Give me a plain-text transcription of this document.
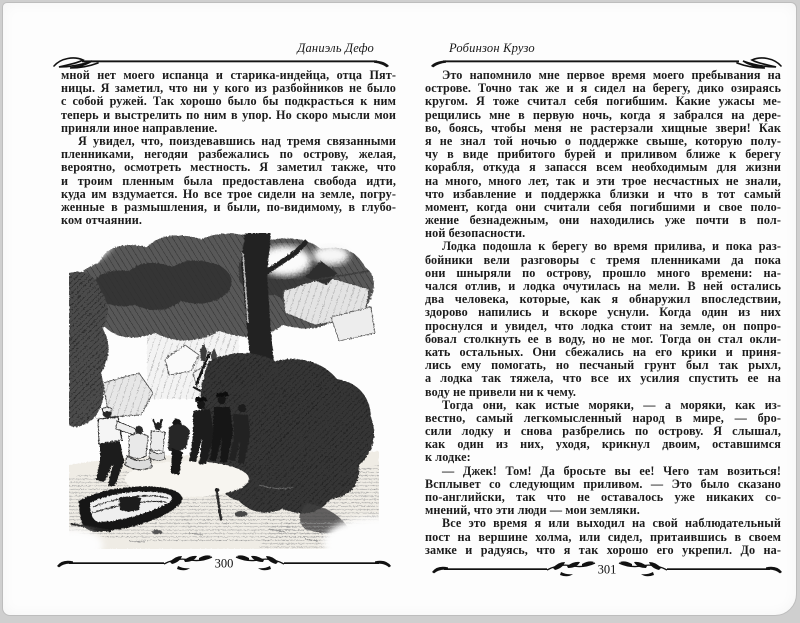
Даниэль Дефо
мной нет моего испанца и старика-индейца, отца Пят-
ницы. Я заметил, что ни у кого из разбойников не было
с собой ружей. Так хорошо было бы подкрасться к ним
теперь и выстрелить по ним в упор. Но скоро мысли мои
приняли иное направление.
Я увидел, что, поиздевавшись над тремя связанными
пленниками, негодяи разбежались по острову, желая,
вероятно, осмотреть местность. Я заметил также, что
и троим пленным была предоставлена свобода идти,
куда им вздумается. Но все трое сидели на земле, погру-
женные в размышления, и были, по-видимому, в глубо-
ком отчаянии.
300
Робинзон Крузо
Это напомнило мне первое время моего пребывания на
острове. Точно так же и я сидел на берегу, дико озираясь
кругом. Я тоже считал себя погибшим. Какие ужасы ме-
рещились мне в первую ночь, когда я забрался на дере-
во, боясь, чтобы меня не растерзали хищные звери! Как
я не знал той ночью о поддержке свыше, которую полу-
чу в виде прибитого бурей и приливом ближе к берегу
корабля, откуда я запасся всем необходимым для жизни
на много, много лет, так и эти трое несчастных не знали,
что избавление и поддержка близки и что в тот самый
момент, когда они считали себя погибшими и свое поло-
жение безнадежным, они находились уже почти в пол-
ной безопасности.
Лодка подошла к берегу во время прилива, и пока раз-
бойники вели разговоры с тремя пленниками да пока
они шныряли по острову, прошло много времени: на-
чался отлив, и лодка очутилась на мели. В ней остались
два человека, которые, как я обнаружил впоследствии,
здорово напились и вскоре уснули. Когда один из них
проснулся и увидел, что лодка стоит на земле, он попро-
бовал столкнуть ее в воду, но не мог. Тогда он стал окли-
кать остальных. Они сбежались на его крики и приня-
лись ему помогать, но песчаный грунт был так рыхл,
а лодка так тяжела, что все их усилия спустить ее на
воду не привели ни к чему.
Тогда они, как истые моряки, — а моряки, как из-
вестно, самый легкомысленный народ в мире, — бро-
сили лодку и снова разбрелись по острову. Я слышал,
как один из них, уходя, крикнул двоим, оставшимся
к лодке:
— Джек! Том! Да бросьте вы ее! Чего там возиться!
Всплывет со следующим приливом. — Это было сказано
по-английски, так что не оставалось уже никаких со-
мнений, что эти люди — мои земляки.
Все это время я или выходил на свой наблюдательный
пост на вершине холма, или сидел, притаившись в своем
замке и радуясь, что я так хорошо его укрепил. До на-
301
